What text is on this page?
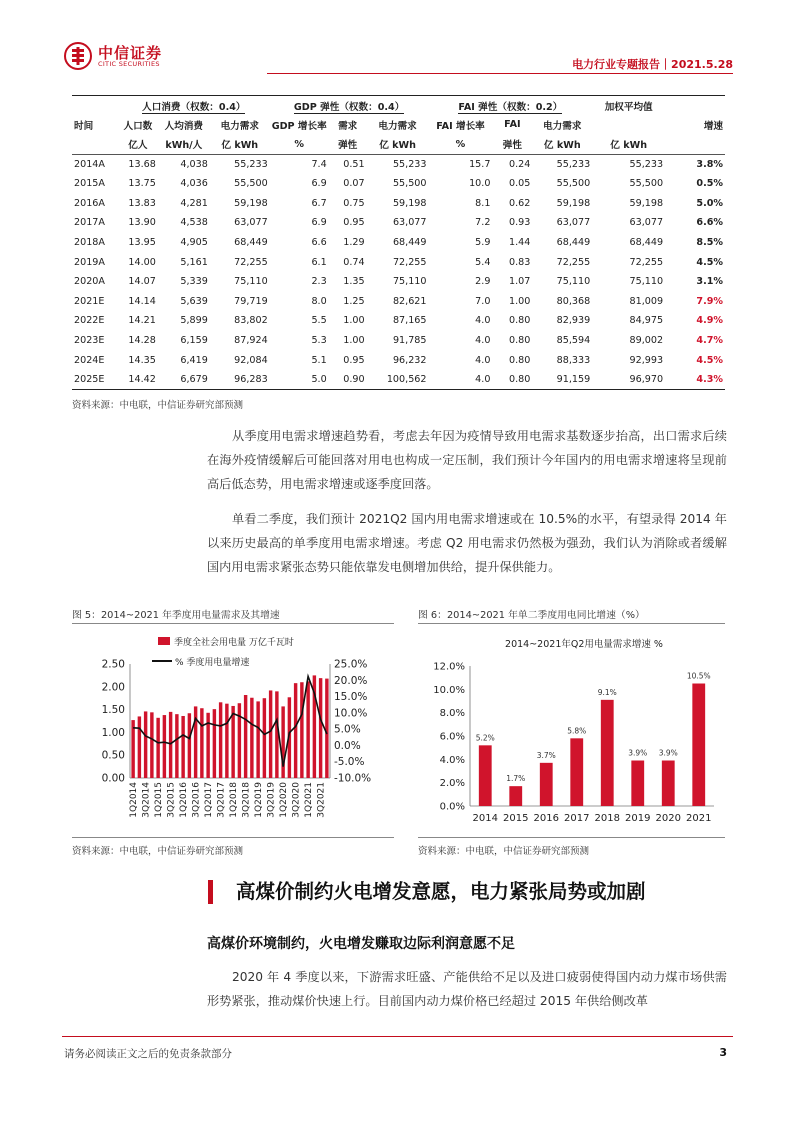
中信证券
CITIC SECURITIES	电力行业专题报告｜2021.5.28
	人口消费（权数：0.4）			GDP 弹性（权数：0.4）			FAI 弹性（权数：0.2）			加权平均值	
时间	人口数	人均消费	电力需求	GDP 增长率	需求	电力需求	FAI 增长率	FAI	电力需求		增速
	亿人	kWh/人	亿 kWh	%	弹性	亿 kWh	%	弹性	亿 kWh	亿 kWh	
2014A	13.68	4,038	55,233	7.4	0.51	55,233	15.7	0.24	55,233	55,233	3.8%
2015A	13.75	4,036	55,500	6.9	0.07	55,500	10.0	0.05	55,500	55,500	0.5%
2016A	13.83	4,281	59,198	6.7	0.75	59,198	8.1	0.62	59,198	59,198	5.0%
2017A	13.90	4,538	63,077	6.9	0.95	63,077	7.2	0.93	63,077	63,077	6.6%
2018A	13.95	4,905	68,449	6.6	1.29	68,449	5.9	1.44	68,449	68,449	8.5%
2019A	14.00	5,161	72,255	6.1	0.74	72,255	5.4	0.83	72,255	72,255	4.5%
2020A	14.07	5,339	75,110	2.3	1.35	75,110	2.9	1.07	75,110	75,110	3.1%
2021E	14.14	5,639	79,719	8.0	1.25	82,621	7.0	1.00	80,368	81,009	7.9%
2022E	14.21	5,899	83,802	5.5	1.00	87,165	4.0	0.80	82,939	84,975	4.9%
2023E	14.28	6,159	87,924	5.3	1.00	91,785	4.0	0.80	85,594	89,002	4.7%
2024E	14.35	6,419	92,084	5.1	0.95	96,232	4.0	0.80	88,333	92,993	4.5%
2025E	14.42	6,679	96,283	5.0	0.90	100,562	4.0	0.80	91,159	96,970	4.3%
资料来源：中电联，中信证券研究部预测
从季度用电需求增速趋势看，考虑去年因为疫情导致用电需求基数逐步抬高，出口需求后续在海外疫情缓解后可能回落对用电也构成一定压制，我们预计今年国内的用电需求增速将呈现前高后低态势，用电需求增速或逐季度回落。
单看二季度，我们预计 2021Q2 国内用电需求增速或在 10.5%的水平，有望录得 2014 年以来历史最高的单季度用电需求增速。考虑 Q2 用电需求仍然极为强劲，我们认为消除或者缓解国内用电需求紧张态势只能依靠发电侧增加供给，提升保供能力。
图 5：2014~2021 年季度用电量需求及其增速
季度全社会用电量 万亿千瓦时
% 季度用电量增速
0.00
0.50
1.00
1.50
2.00
2.50
-10.0%
-5.0%
0.0%
5.0%
10.0%
15.0%
20.0%
25.0%
1Q2014 3Q2014 1Q2015 3Q2015 1Q2016 3Q2016 1Q2017 3Q2017 1Q2018 3Q2018 1Q2019 3Q2019 1Q2020 3Q2020 1Q2021 3Q2021
资料来源：中电联，中信证券研究部预测
图 6：2014~2021 年单二季度用电同比增速（%）
2014~2021年Q2用电量需求增速 %
0.0%
2.0%
4.0%
6.0%
8.0%
10.0%
12.0%
5.2%
2014
1.7%
2015
3.7%
2016
5.8%
2017
9.1%
2018
3.9%
2019
3.9%
2020
10.5%
2021
资料来源：中电联，中信证券研究部预测
高煤价制约火电增发意愿，电力紧张局势或加剧
高煤价环境制约，火电增发赚取边际利润意愿不足
2020 年 4 季度以来，下游需求旺盛、产能供给不足以及进口疲弱使得国内动力煤市场供需形势紧张，推动煤价快速上行。目前国内动力煤价格已经超过 2015 年供给侧改革
请务必阅读正文之后的免责条款部分	3
